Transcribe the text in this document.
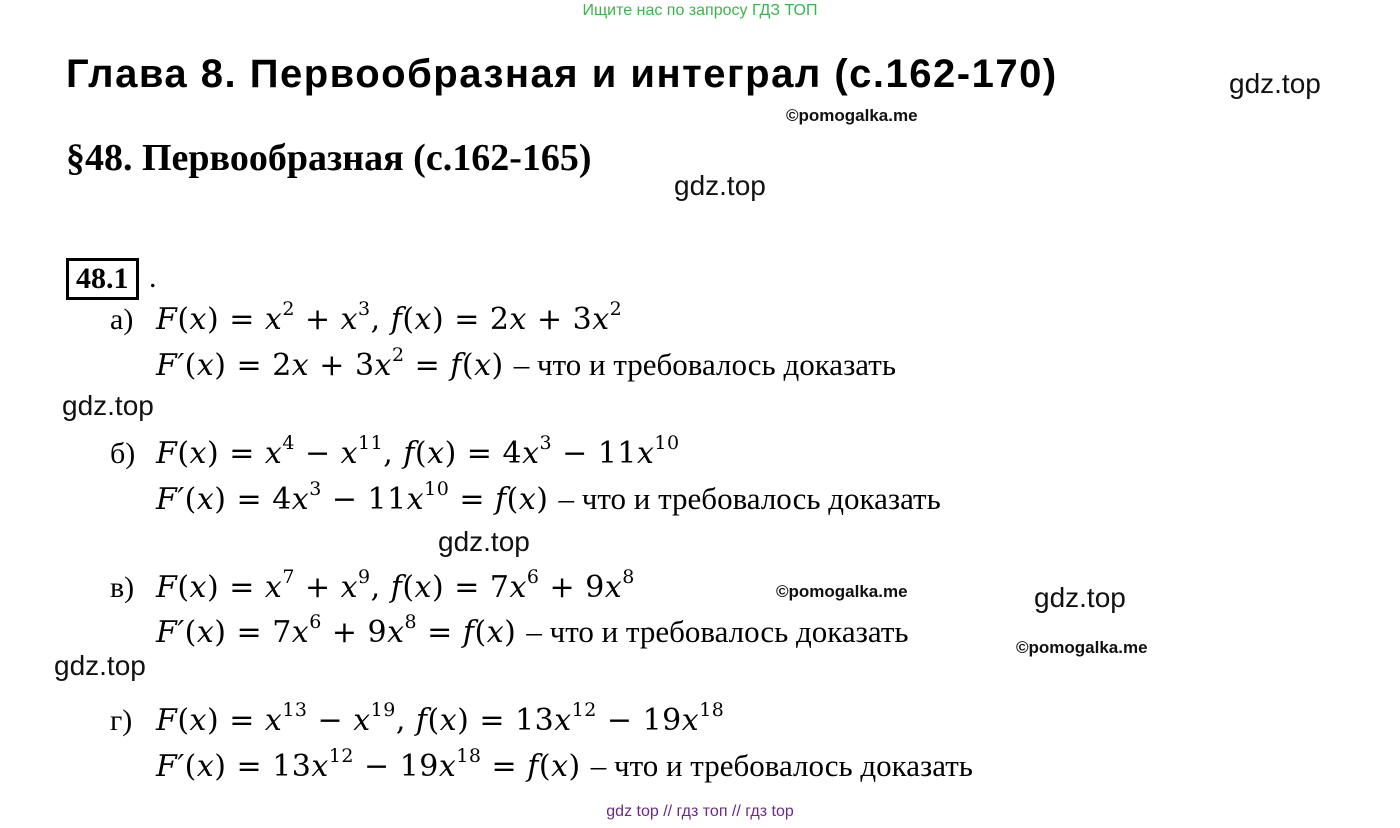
Ищите нас по запросу ГДЗ ТОП
Глава 8. Первообразная и интеграл (с.162-170)	gdz.top
©pomogalka.me
§48. Первообразная (с.162-165)
gdz.top
48.1 .
а) $F(x) = x^2 + x^3$, $f(x) = 2x + 3x^2$
$F'(x) = 2x + 3x^2 = f(x)$ – что и требовалось доказать
gdz.top
б) $F(x) = x^4 - x^{11}$, $f(x) = 4x^3 - 11x^{10}$
$F'(x) = 4x^3 - 11x^{10} = f(x)$ – что и требовалось доказать
gdz.top
в) $F(x) = x^7 + x^9$, $f(x) = 7x^6 + 9x^8$
©pomogalka.me	gdz.top
$F'(x) = 7x^6 + 9x^8 = f(x)$ – что и требовалось доказать	©pomogalka.me
gdz.top
г) $F(x) = x^{13} - x^{19}$, $f(x) = 13x^{12} - 19x^{18}$
$F'(x) = 13x^{12} - 19x^{18} = f(x)$ – что и требовалось доказать
gdz top // гдз топ // гдз top
